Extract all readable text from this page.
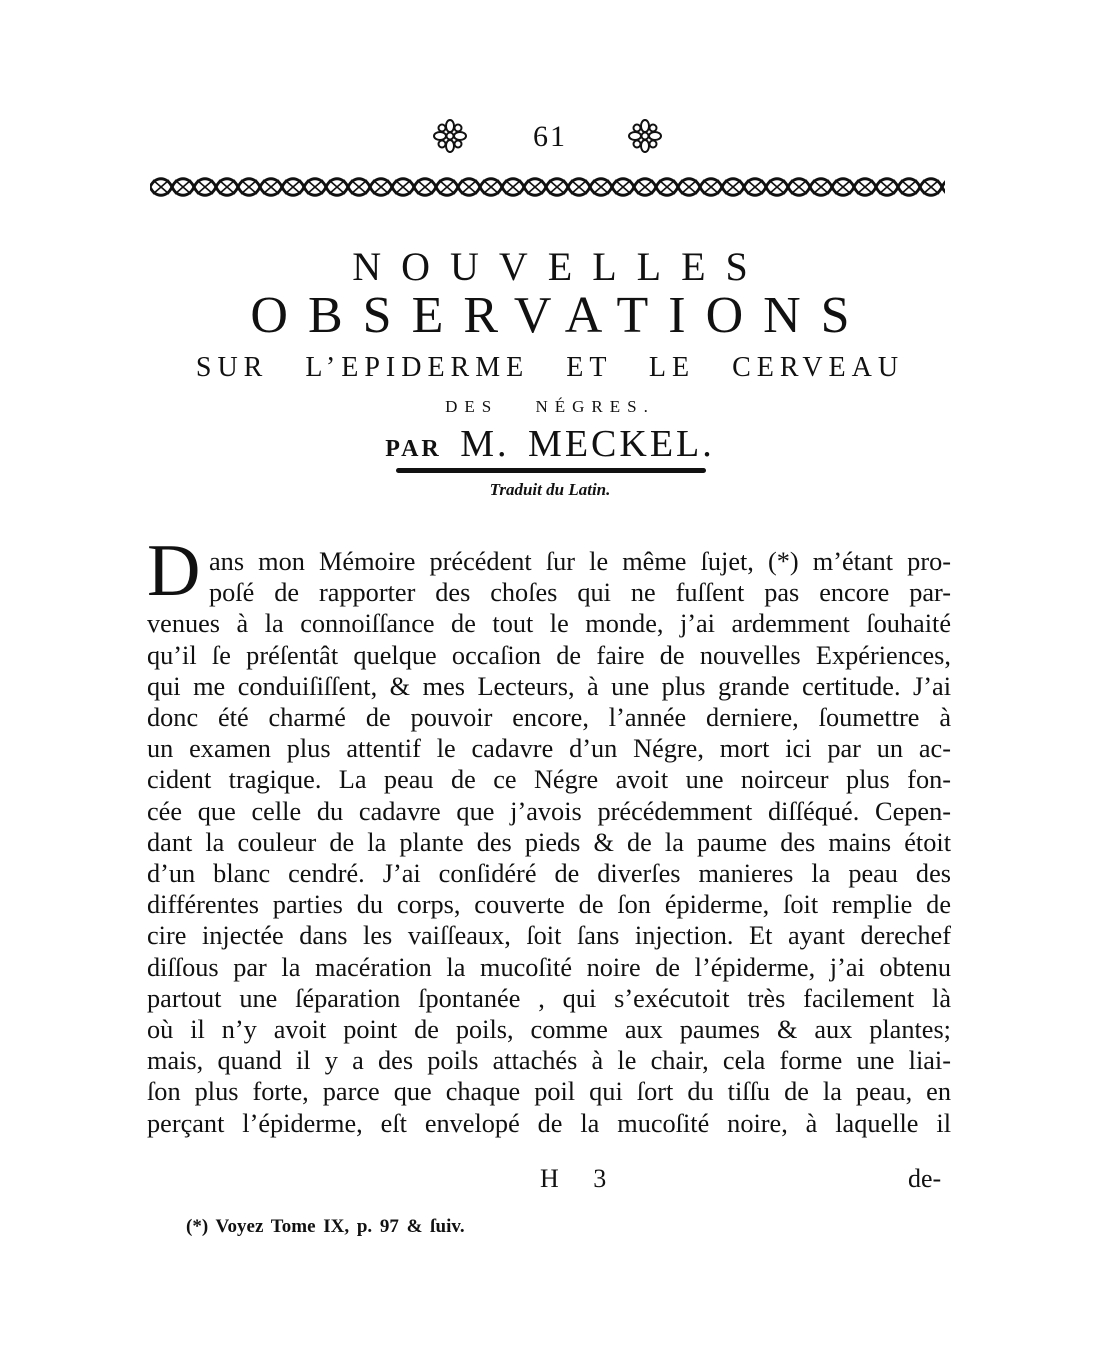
61
NOUVELLES
OBSERVATIONS
SUR L’EPIDERME ET LE CERVEAU
DES NÉGRES.
PAR M. MECKEL.
Traduit du Latin.
D ans mon Mémoire précédent ſur le même ſujet, (*) m’étant pro-
poſé de rapporter des choſes qui ne fuſſent pas encore par-
venues à la connoiſſance de tout le monde, j’ai ardemment ſouhaité
qu’il ſe préſentât quelque occaſion de faire de nouvelles Expériences,
qui me conduiſiſſent, & mes Lecteurs, à une plus grande certitude. J’ai
donc été charmé de pouvoir encore, l’année derniere, ſoumettre à
un examen plus attentif le cadavre d’un Négre, mort ici par un ac-
cident tragique. La peau de ce Négre avoit une noirceur plus fon-
cée que celle du cadavre que j’avois précédemment diſſéqué. Cepen-
dant la couleur de la plante des pieds & de la paume des mains étoit
d’un blanc cendré. J’ai conſidéré de diverſes manieres la peau des
différentes parties du corps, couverte de ſon épiderme, ſoit remplie de
cire injectée dans les vaiſſeaux, ſoit ſans injection. Et ayant derechef
diſſous par la macération la mucoſité noire de l’épiderme, j’ai obtenu
partout une ſéparation ſpontanée , qui s’exécutoit très facilement là
où il n’y avoit point de poils, comme aux paumes & aux plantes;
mais, quand il y a des poils attachés à le chair, cela forme une liai-
ſon plus forte, parce que chaque poil qui ſort du tiſſu de la peau, en
perçant l’épiderme, eſt envelopé de la mucoſité noire, à laquelle il
H 3	de-
(*) Voyez Tome IX, p. 97 & ſuiv.
